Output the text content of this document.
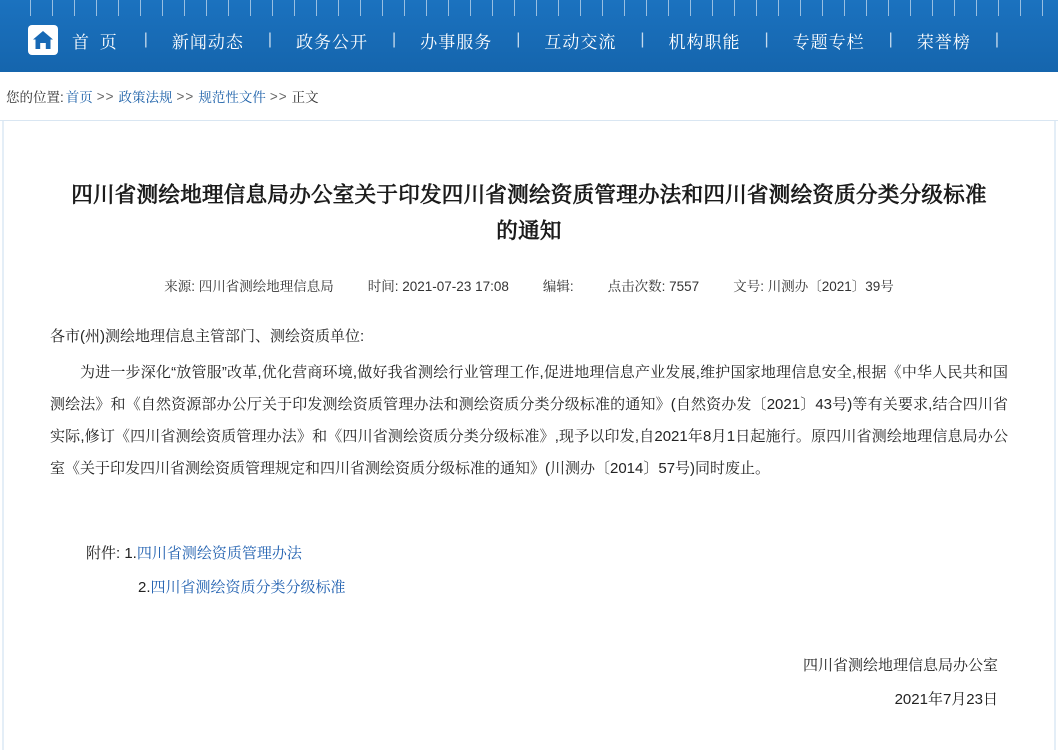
首 页 | 新闻动态 | 政务公开 | 办事服务 | 互动交流 | 机构职能 | 专题专栏 | 荣誉榜 |
您的位置: 首页 >> 政策法规 >> 规范性文件 >> 正文
四川省测绘地理信息局办公室关于印发四川省测绘资质管理办法和四川省测绘资质分类分级标准的通知
来源: 四川省测绘地理信息局	时间: 2021-07-23 17:08	编辑:	点击次数: 7557	文号: 川测办〔2021〕39号

各市(州)测绘地理信息主管部门、测绘资质单位:

为进一步深化“放管服”改革,优化营商环境,做好我省测绘行业管理工作,促进地理信息产业发展,维护国家地理信息安全,根据《中华人民共和国测绘法》和《自然资源部办公厅关于印发测绘资质管理办法和测绘资质分类分级标准的通知》(自然资办发〔2021〕43号)等有关要求,结合四川省实际,修订《四川省测绘资质管理办法》和《四川省测绘资质分类分级标准》,现予以印发,自2021年8月1日起施行。原四川省测绘地理信息局办公室《关于印发四川省测绘资质管理规定和四川省测绘资质分级标准的通知》(川测办〔2014〕57号)同时废止。

附件: 1.四川省测绘资质管理办法
2.四川省测绘资质分类分级标准
四川省测绘地理信息局办公室
2021年7月23日
